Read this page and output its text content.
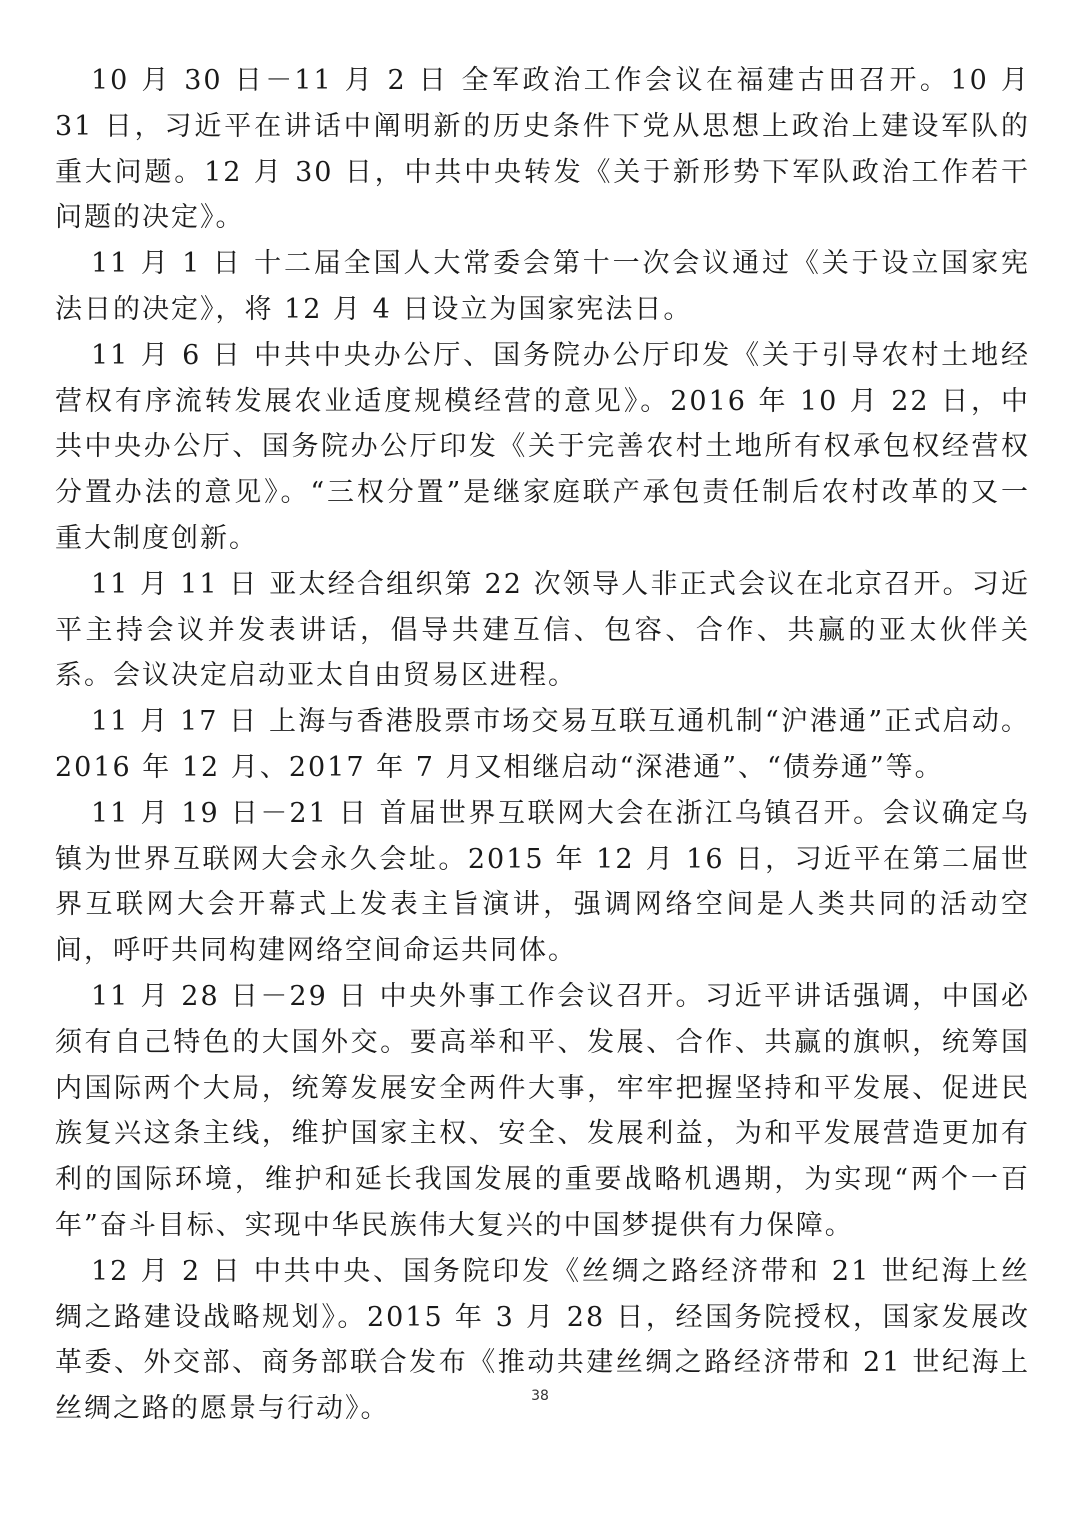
10 月 30 日－11 月 2 日 全军政治工作会议在福建古田召开。10 月 31 日，习近平在讲话中阐明新的历史条件下党从思想上政治上建设军队的重大问题。12 月 30 日，中共中央转发《关于新形势下军队政治工作若干问题的决定》。

11 月 1 日 十二届全国人大常委会第十一次会议通过《关于设立国家宪法日的决定》，将 12 月 4 日设立为国家宪法日。

11 月 6 日 中共中央办公厅、国务院办公厅印发《关于引导农村土地经营权有序流转发展农业适度规模经营的意见》。2016 年 10 月 22 日，中共中央办公厅、国务院办公厅印发《关于完善农村土地所有权承包权经营权分置办法的意见》。“三权分置”是继家庭联产承包责任制后农村改革的又一重大制度创新。

11 月 11 日 亚太经合组织第 22 次领导人非正式会议在北京召开。习近平主持会议并发表讲话，倡导共建互信、包容、合作、共赢的亚太伙伴关系。会议决定启动亚太自由贸易区进程。

11 月 17 日 上海与香港股票市场交易互联互通机制“沪港通”正式启动。2016 年 12 月、2017 年 7 月又相继启动“深港通”、“债券通”等。

11 月 19 日－21 日 首届世界互联网大会在浙江乌镇召开。会议确定乌镇为世界互联网大会永久会址。2015 年 12 月 16 日，习近平在第二届世界互联网大会开幕式上发表主旨演讲，强调网络空间是人类共同的活动空间，呼吁共同构建网络空间命运共同体。

11 月 28 日－29 日 中央外事工作会议召开。习近平讲话强调，中国必须有自己特色的大国外交。要高举和平、发展、合作、共赢的旗帜，统筹国内国际两个大局，统筹发展安全两件大事，牢牢把握坚持和平发展、促进民族复兴这条主线，维护国家主权、安全、发展利益，为和平发展营造更加有利的国际环境，维护和延长我国发展的重要战略机遇期，为实现“两个一百年”奋斗目标、实现中华民族伟大复兴的中国梦提供有力保障。

12 月 2 日 中共中央、国务院印发《丝绸之路经济带和 21 世纪海上丝绸之路建设战略规划》。2015 年 3 月 28 日，经国务院授权，国家发展改革委、外交部、商务部联合发布《推动共建丝绸之路经济带和 21 世纪海上丝绸之路的愿景与行动》。	38
